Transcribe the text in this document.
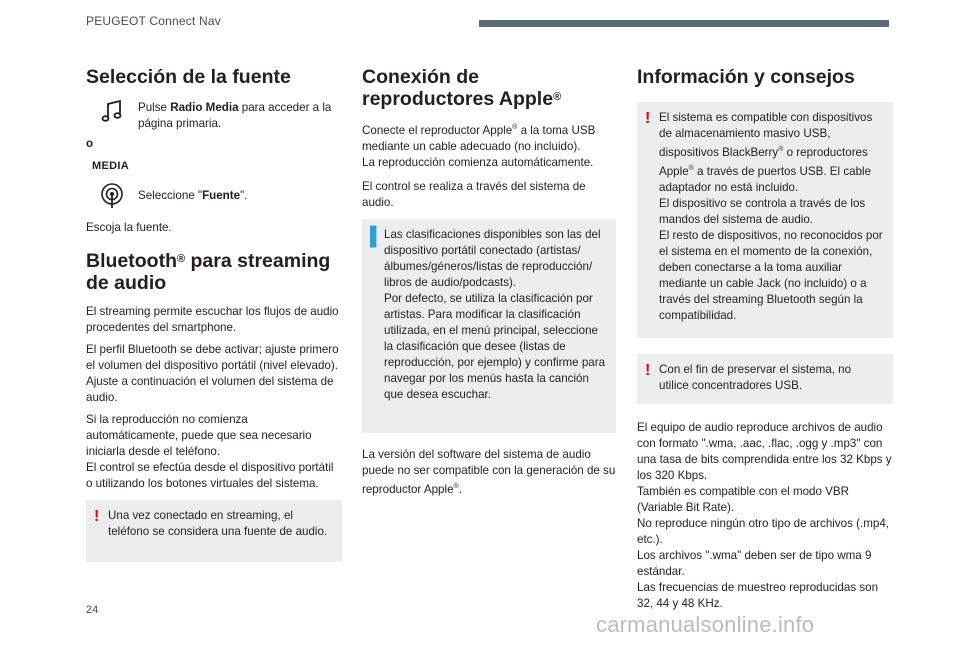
PEUGEOT Connect Nav
Selección de la fuente
Pulse Radio Media para acceder a la página primaria.
o
MEDIA
Seleccione "Fuente".

Escoja la fuente.

Bluetooth® para streaming de audio

El streaming permite escuchar los flujos de audio procedentes del smartphone.

El perfil Bluetooth se debe activar; ajuste primero el volumen del dispositivo portátil (nivel elevado).
Ajuste a continuación el volumen del sistema de audio.

Si la reproducción no comienza automáticamente, puede que sea necesario iniciarla desde el teléfono.
El control se efectúa desde el dispositivo portátil o utilizando los botones virtuales del sistema.

! Una vez conectado en streaming, el teléfono se considera una fuente de audio.
Conexión de reproductores Apple®

Conecte el reproductor Apple® a la toma USB mediante un cable adecuado (no incluido).
La reproducción comienza automáticamente.

El control se realiza a través del sistema de audio.

▌ Las clasificaciones disponibles son las del dispositivo portátil conectado (artistas/ álbumes/géneros/listas de reproducción/ libros de audio/podcasts).
Por defecto, se utiliza la clasificación por artistas. Para modificar la clasificación utilizada, en el menú principal, seleccione la clasificación que desee (listas de reproducción, por ejemplo) y confirme para navegar por los menús hasta la canción que desea escuchar.

La versión del software del sistema de audio puede no ser compatible con la generación de su reproductor Apple®.

Información y consejos
! El sistema es compatible con dispositivos de almacenamiento masivo USB, dispositivos BlackBerry® o reproductores Apple® a través de puertos USB. El cable adaptador no está incluido.
El dispositivo se controla a través de los mandos del sistema de audio.
El resto de dispositivos, no reconocidos por el sistema en el momento de la conexión, deben conectarse a la toma auxiliar mediante un cable Jack (no incluido) o a través del streaming Bluetooth según la compatibilidad.
! Con el fin de preservar el sistema, no utilice concentradores USB.

El equipo de audio reproduce archivos de audio con formato ".wma, .aac, .flac, .ogg y .mp3" con una tasa de bits comprendida entre los 32 Kbps y los 320 Kbps.
También es compatible con el modo VBR (Variable Bit Rate).
No reproduce ningún otro tipo de archivos (.mp4, etc.).
Los archivos ".wma" deben ser de tipo wma 9 estándar.
Las frecuencias de muestreo reproducidas son 32, 44 y 48 KHz.

24
carmanualsonline.info
